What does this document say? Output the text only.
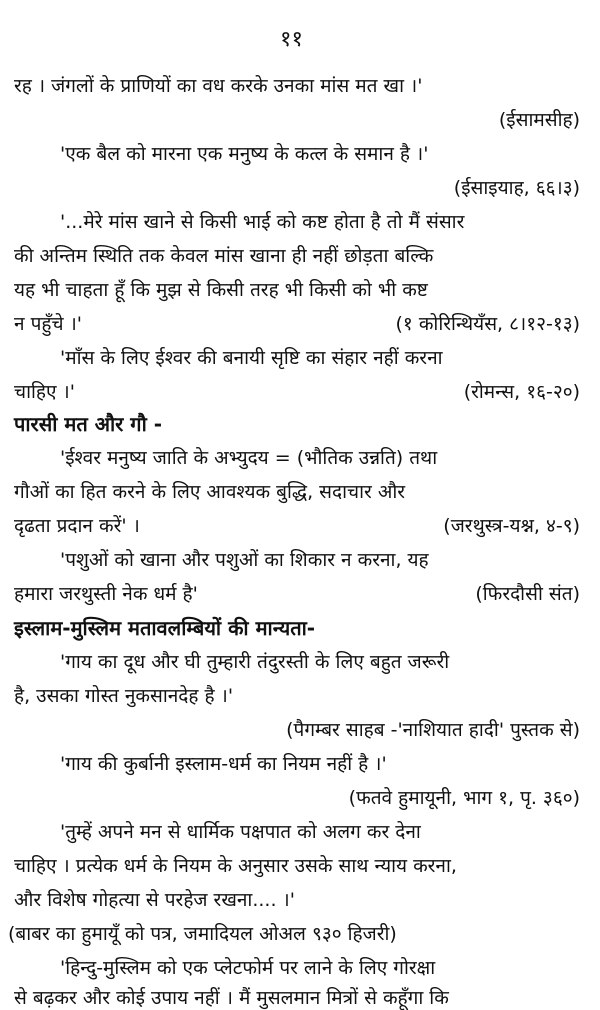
११
रह । जंगलों के प्राणियों का वध करके उनका मांस मत खा ।'
(ईसामसीह)
'एक बैल को मारना एक मनुष्य के कत्ल के समान है ।'
(ईसाइयाह, ६६।३)
'...मेरे मांस खाने से किसी भाई को कष्ट होता है तो मैं संसार
की अन्तिम स्थिति तक केवल मांस खाना ही नहीं छोड़ता बल्कि
यह भी चाहता हूँ कि मुझ से किसी तरह भी किसी को भी कष्ट
न पहुँचे ।'	(१ कोरिन्थियँस, ८।१२-१३)
'माँस के लिए ईश्वर की बनायी सृष्टि का संहार नहीं करना
चाहिए ।'	(रोमन्स, १६-२०)
पारसी मत और गौ -
'ईश्वर मनुष्य जाति के अभ्युदय = (भौतिक उन्नति) तथा
गौओं का हित करने के लिए आवश्यक बुद्धि, सदाचार और
दृढता प्रदान करें' ।	(जरथुस्त्र-यश्न, ४-९)
'पशुओं को खाना और पशुओं का शिकार न करना, यह
हमारा जरथुस्ती नेक धर्म है'	(फिरदौसी संत)
इस्लाम-मुस्लिम मतावलम्बियों की मान्यता-
'गाय का दूध और घी तुम्हारी तंदुरस्ती के लिए बहुत जरूरी
है, उसका गोस्त नुकसानदेह है ।'
(पैगम्बर साहब -'नाशियात हादी' पुस्तक से)
'गाय की कुर्बानी इस्लाम-धर्म का नियम नहीं है ।'
(फतवे हुमायूनी, भाग १, पृ. ३६०)
'तुम्हें अपने मन से धार्मिक पक्षपात को अलग कर देना
चाहिए । प्रत्येक धर्म के नियम के अनुसार उसके साथ न्याय करना,
और विशेष गोहत्या से परहेज रखना.... ।'
(बाबर का हुमायूँ को पत्र, जमादियल ओअल ९३० हिजरी)
'हिन्दु-मुस्लिम को एक प्लेटफोर्म पर लाने के लिए गोरक्षा
से बढ़कर और कोई उपाय नहीं । मैं मुसलमान मित्रों से कहूँगा कि
